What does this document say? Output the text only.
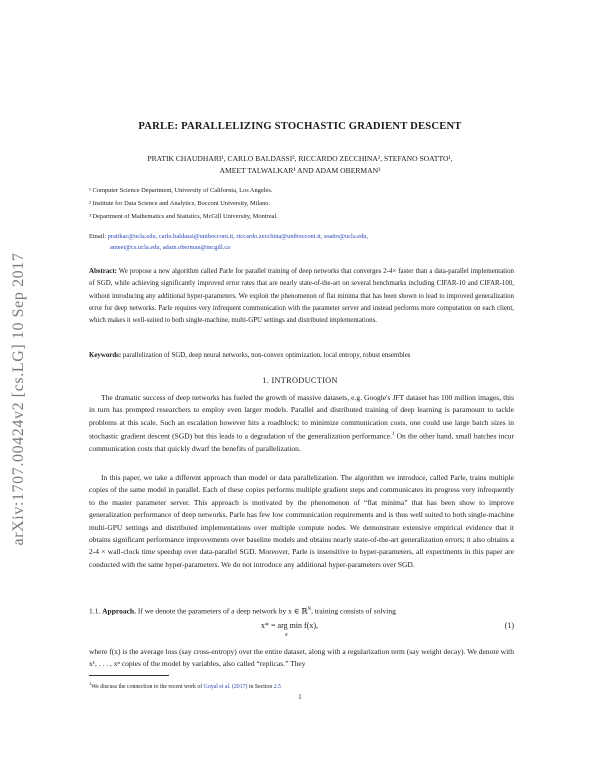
arXiv:1707.00424v2 [cs.LG] 10 Sep 2017
PARLE: PARALLELIZING STOCHASTIC GRADIENT DESCENT
PRATIK CHAUDHARI¹, CARLO BALDASSI², RICCARDO ZECCHINA², STEFANO SOATTO¹,
AMEET TALWALKAR¹ AND ADAM OBERMAN³
¹ Computer Science Department, University of California, Los Angeles.
² Institute for Data Science and Analytics, Bocconi University, Milano.
³ Department of Mathematics and Statistics, McGill University, Montreal.
Email: pratikac@ucla.edu, carlo.baldassi@unibocconi.it, riccardo.zecchina@unibocconi.it, soatto@ucla.edu,
ameet@cs.ucla.edu, adam.oberman@mcgill.ca
Abstract: We propose a new algorithm called Parle for parallel training of deep networks that converges 2-4× faster than a data-parallel implementation of SGD, while achieving significantly improved error rates that are nearly state-of-the-art on several benchmarks including CIFAR-10 and CIFAR-100, without introducing any additional hyper-parameters. We exploit the phenomenon of flat minima that has been shown to lead to improved generalization error for deep networks. Parle requires very infrequent communication with the parameter server and instead performs more computation on each client, which makes it well-suited to both single-machine, multi-GPU settings and distributed implementations.
Keywords: parallelization of SGD, deep neural networks, non-convex optimization, local entropy, robust ensembles
1. INTRODUCTION
The dramatic success of deep networks has fueled the growth of massive datasets, e.g. Google's JFT dataset has 100 million images, this in turn has prompted researchers to employ even larger models. Parallel and distributed training of deep learning is paramount to tackle problems at this scale. Such an escalation however hits a roadblock: to minimize communication costs, one could use large batch sizes in stochastic gradient descent (SGD) but this leads to a degradation of the generalization performance.$^1$ On the other hand, small batches incur communication costs that quickly dwarf the benefits of parallelization.
In this paper, we take a different approach than model or data parallelization. The algorithm we introduce, called Parle, trains multiple copies of the same model in parallel. Each of these copies performs multiple gradient steps and communicates its progress very infrequently to the master parameter server. This approach is motivated by the phenomenon of “flat minima” that has been show to improve generalization performance of deep networks. Parle has few low communication requirements and is thus well suited to both single-machine multi-GPU settings and distributed implementations over multiple compute nodes. We demonstrate extensive empirical evidence that it obtains significant performance improvements over baseline models and obtains nearly state-of-the-art generalization errors; it also obtains a 2-4 × wall-clock time speedup over data-parallel SGD. Moreover, Parle is insensitive to hyper-parameters, all experiments in this paper are conducted with the same hyper-parameters. We do not introduce any additional hyper-parameters over SGD.
1.1. Approach. If we denote the parameters of a deep network by x ∈ ℝ$^N$, training consists of solving
x* = arg min f(x),
x
(1)
where f(x) is the average loss (say cross-entropy) over the entire dataset, along with a regularization term (say weight decay). We denote with x¹, . . . , xⁿ copies of the model by variables, also called “replicas.” They
$^1$We discuss the connection to the recent work of Goyal et al. (2017) in Section 2.5
1
